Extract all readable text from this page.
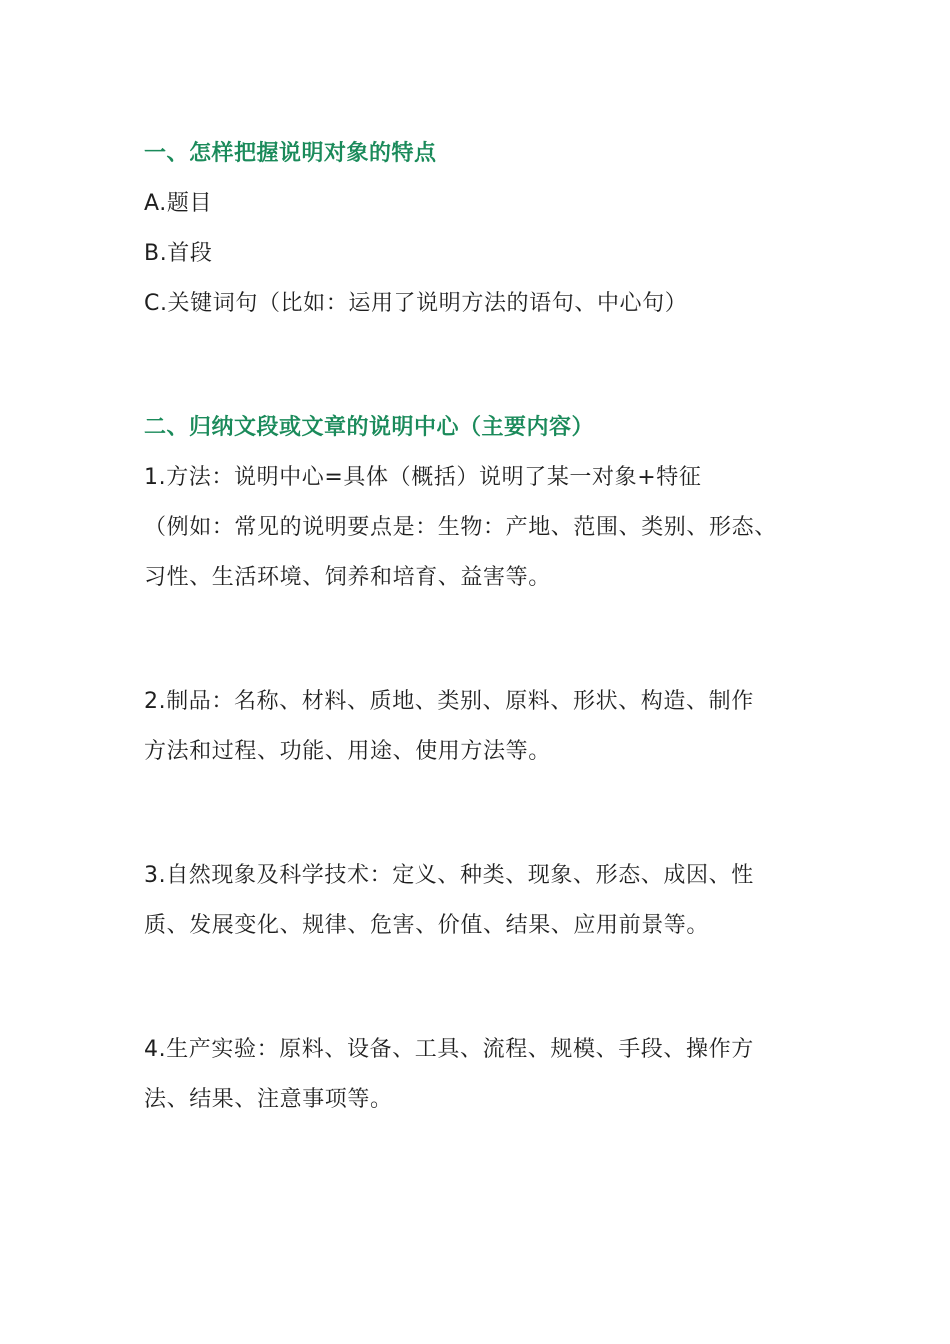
一、怎样把握说明对象的特点
A.题目
B.首段
C.关键词句（比如：运用了说明方法的语句、中心句）
二、归纳文段或文章的说明中心（主要内容）
1.方法：说明中心=具体（概括）说明了某一对象+特征
（例如：常见的说明要点是：生物：产地、范围、类别、形态、
习性、生活环境、饲养和培育、益害等。
2.制品：名称、材料、质地、类别、原料、形状、构造、制作
方法和过程、功能、用途、使用方法等。
3.自然现象及科学技术：定义、种类、现象、形态、成因、性
质、发展变化、规律、危害、价值、结果、应用前景等。
4.生产实验：原料、设备、工具、流程、规模、手段、操作方
法、结果、注意事项等。
